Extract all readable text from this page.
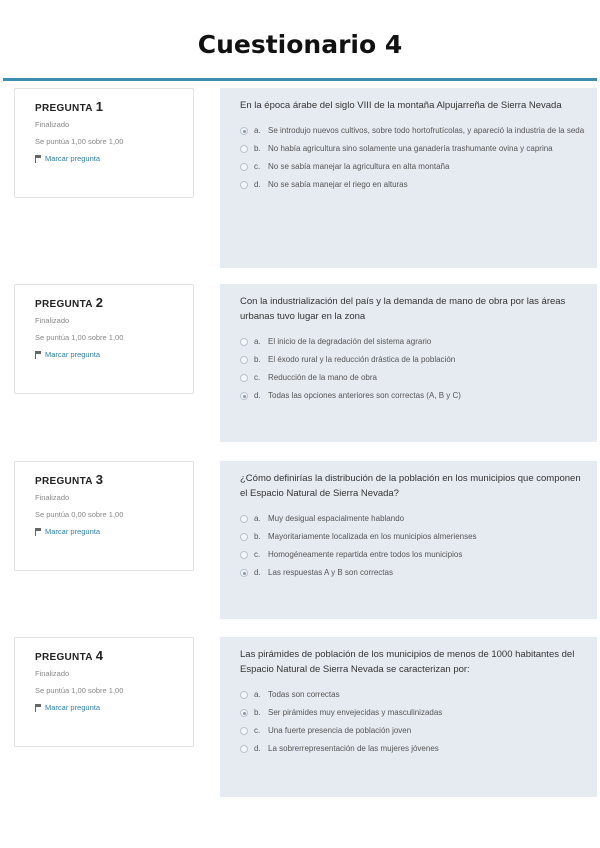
Cuestionario 4
PREGUNTA 1
Finalizado
Se puntúa 1,00 sobre 1,00
Marcar pregunta
En la época árabe del siglo VIII de la montaña Alpujarreña de Sierra Nevada
a. Se introdujo nuevos cultivos, sobre todo hortofrutícolas, y apareció la industria de la seda
b. No había agricultura sino solamente una ganadería trashumante ovina y caprina
c. No se sabía manejar la agricultura en alta montaña
d. No se sabía manejar el riego en alturas
PREGUNTA 2
Finalizado
Se puntúa 1,00 sobre 1,00
Marcar pregunta
Con la industrialización del país y la demanda de mano de obra por las áreas urbanas tuvo lugar en la zona
a. El inicio de la degradación del sistema agrario
b. El éxodo rural y la reducción drástica de la población
c. Reducción de la mano de obra
d. Todas las opciones anteriores son correctas (A, B y C)
PREGUNTA 3
Finalizado
Se puntúa 0,00 sobre 1,00
Marcar pregunta
¿Cómo definirías la distribución de la población en los municipios que componen el Espacio Natural de Sierra Nevada?
a. Muy desigual espacialmente hablando
b. Mayoritariamente localizada en los municipios almerienses
c. Homogéneamente repartida entre todos los municipios
d. Las respuestas A y B son correctas
PREGUNTA 4
Finalizado
Se puntúa 1,00 sobre 1,00
Marcar pregunta
Las pirámides de población de los municipios de menos de 1000 habitantes del Espacio Natural de Sierra Nevada se caracterizan por:
a. Todas son correctas
b. Ser pirámides muy envejecidas y masculinizadas
c. Una fuerte presencia de población joven
d. La sobrerrepresentación de las mujeres jóvenes
